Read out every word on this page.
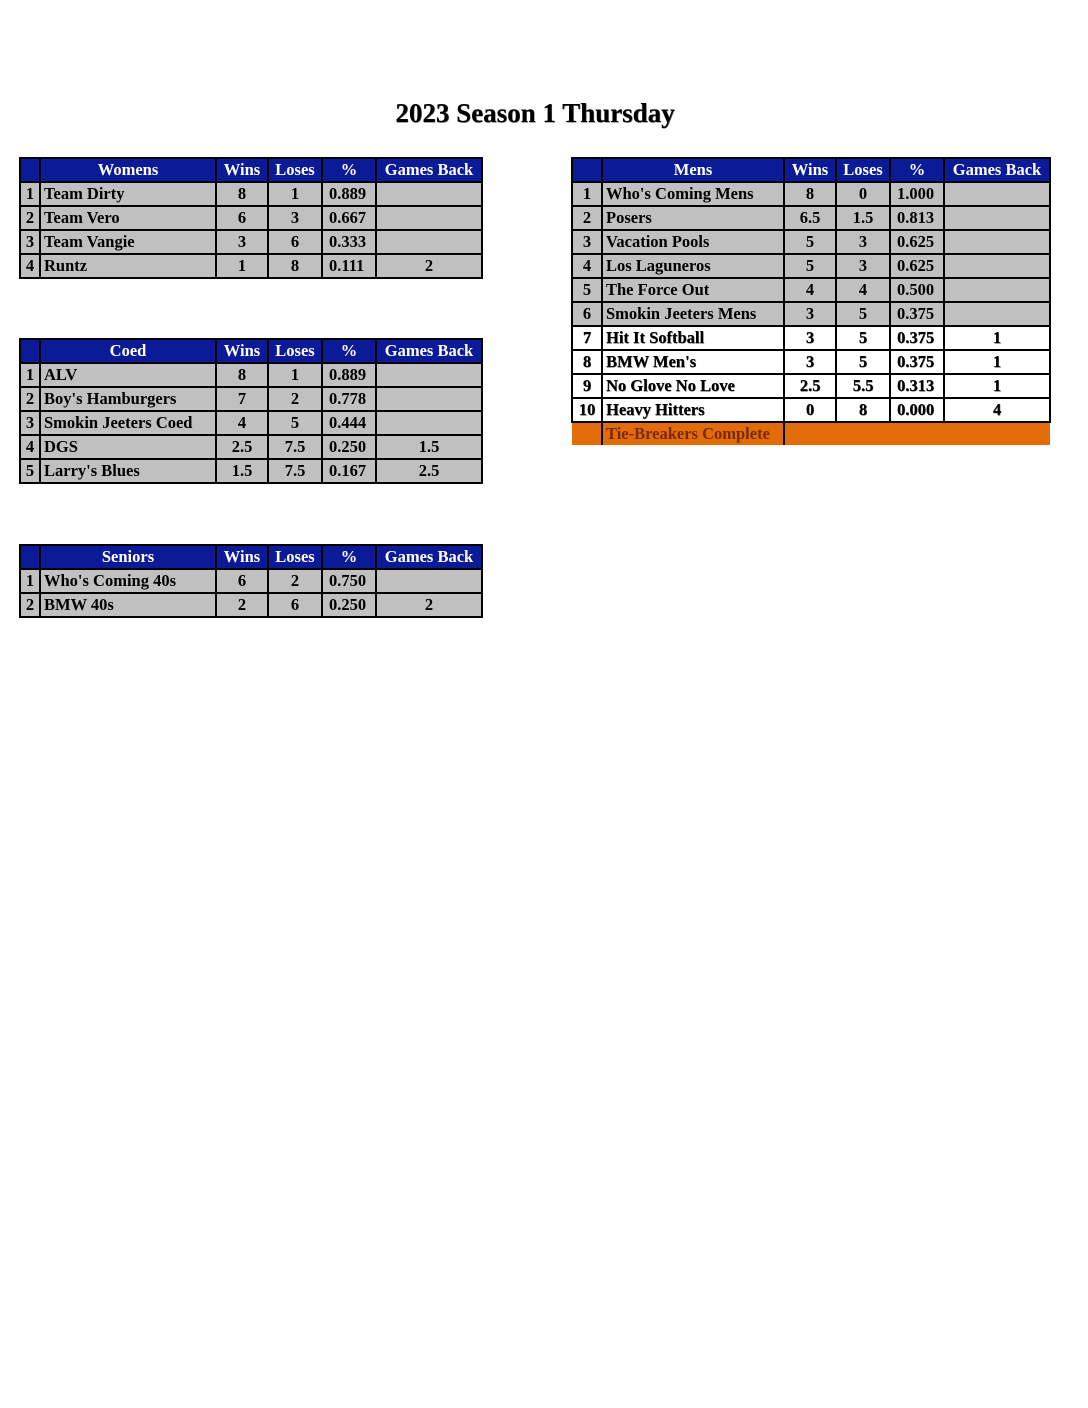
2023 Season 1 Thursday
	Womens	Wins	Loses	%	Games Back
1	Team Dirty	8	1	0.889	
2	Team Vero	6	3	0.667	
3	Team Vangie	3	6	0.333	
4	Runtz	1	8	0.111	2
	Coed	Wins	Loses	%	Games Back
1	ALV	8	1	0.889	
2	Boy's Hamburgers	7	2	0.778	
3	Smokin Jeeters Coed	4	5	0.444	
4	DGS	2.5	7.5	0.250	1.5
5	Larry's Blues	1.5	7.5	0.167	2.5
	Seniors	Wins	Loses	%	Games Back
1	Who's Coming 40s	6	2	0.750	
2	BMW 40s	2	6	0.250	2
	Mens	Wins	Loses	%	Games Back
1	Who's Coming Mens	8	0	1.000	
2	Posers	6.5	1.5	0.813	
3	Vacation Pools	5	3	0.625	
4	Los Laguneros	5	3	0.625	
5	The Force Out	4	4	0.500	
6	Smokin Jeeters Mens	3	5	0.375	
7	Hit It Softball	3	5	0.375	1
8	BMW Men's	3	5	0.375	1
9	No Glove No Love	2.5	5.5	0.313	1
10	Heavy Hitters	0	8	0.000	4
	Tie-Breakers Complete				
